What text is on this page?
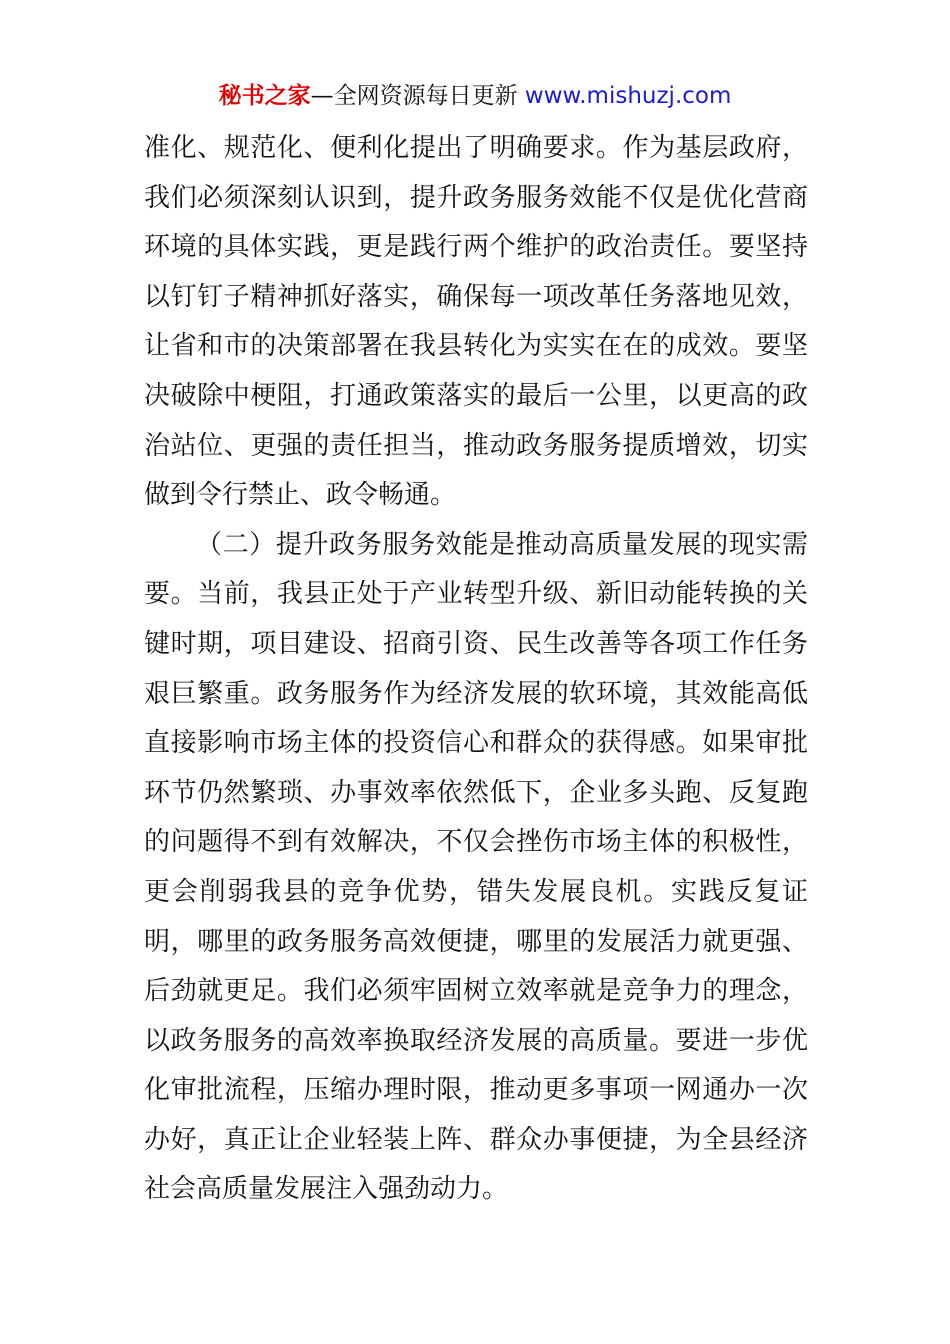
秘书之家—全网资源每日更新 www.mishuzj.com

准化、规范化、便利化提出了明确要求。作为基层政府，我们必须深刻认识到，提升政务服务效能不仅是优化营商环境的具体实践，更是践行两个维护的政治责任。要坚持以钉钉子精神抓好落实，确保每一项改革任务落地见效，让省和市的决策部署在我县转化为实实在在的成效。要坚决破除中梗阻，打通政策落实的最后一公里，以更高的政治站位、更强的责任担当，推动政务服务提质增效，切实做到令行禁止、政令畅通。

（二）提升政务服务效能是推动高质量发展的现实需要。当前，我县正处于产业转型升级、新旧动能转换的关键时期，项目建设、招商引资、民生改善等各项工作任务艰巨繁重。政务服务作为经济发展的软环境，其效能高低直接影响市场主体的投资信心和群众的获得感。如果审批环节仍然繁琐、办事效率依然低下，企业多头跑、反复跑的问题得不到有效解决，不仅会挫伤市场主体的积极性，更会削弱我县的竞争优势，错失发展良机。实践反复证明，哪里的政务服务高效便捷，哪里的发展活力就更强、后劲就更足。我们必须牢固树立效率就是竞争力的理念，以政务服务的高效率换取经济发展的高质量。要进一步优化审批流程，压缩办理时限，推动更多事项一网通办一次办好，真正让企业轻装上阵、群众办事便捷，为全县经济社会高质量发展注入强劲动力。
